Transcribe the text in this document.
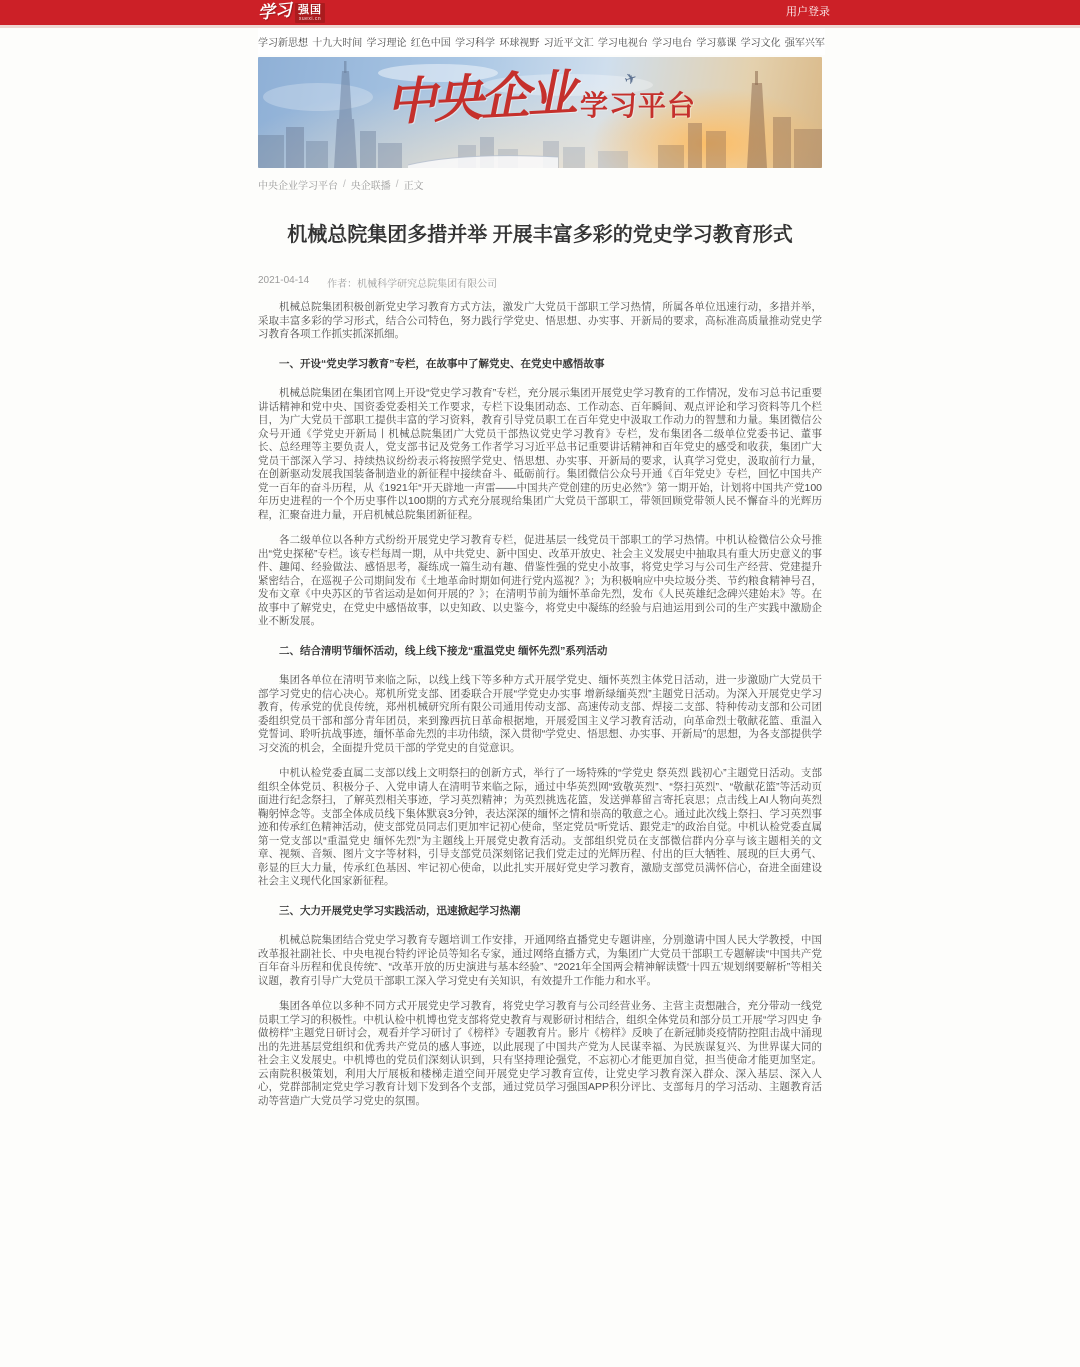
学习 强国
xuexi.cn
用户登录
学习新思想 十九大时间 学习理论 红色中国 学习科学 环球视野 习近平文汇 学习电视台 学习电台 学习慕课 学习文化 强军兴军
✈
中央企业 学习平台
中央企业学习平台 / 央企联播 / 正文
机械总院集团多措并举 开展丰富多彩的党史学习教育形式
2021-04-14 作者：机械科学研究总院集团有限公司

机械总院集团积极创新党史学习教育方式方法，激发广大党员干部职工学习热情，所属各单位迅速行动，多措并举，采取丰富多彩的学习形式，结合公司特色，努力践行学党史、悟思想、办实事、开新局的要求，高标准高质量推动党史学习教育各项工作抓实抓深抓细。

一、开设“党史学习教育”专栏，在故事中了解党史、在党史中感悟故事

机械总院集团在集团官网上开设“党史学习教育”专栏，充分展示集团开展党史学习教育的工作情况，发布习总书记重要讲话精神和党中央、国资委党委相关工作要求，专栏下设集团动态、工作动态、百年瞬间、观点评论和学习资料等几个栏目，为广大党员干部职工提供丰富的学习资料，教育引导党员职工在百年党史中汲取工作动力的智慧和力量。集团微信公众号开通《学党史开新局丨机械总院集团广大党员干部热议党史学习教育》专栏，发布集团各二级单位党委书记、董事长、总经理等主要负责人，党支部书记及党务工作者学习习近平总书记重要讲话精神和百年党史的感受和收获，集团广大党员干部深入学习、持续热议纷纷表示将按照学党史、悟思想、办实事、开新局的要求，认真学习党史，汲取前行力量，在创新驱动发展我国装备制造业的新征程中接续奋斗、砥砺前行。集团微信公众号开通《百年党史》专栏，回忆中国共产党一百年的奋斗历程，从《1921年“开天辟地一声雷——中国共产党创建的历史必然”》第一期开始，计划将中国共产党100年历史进程的一个个历史事件以100期的方式充分展现给集团广大党员干部职工，带领回顾党带领人民不懈奋斗的光辉历程，汇聚奋进力量，开启机械总院集团新征程。

各二级单位以各种方式纷纷开展党史学习教育专栏，促进基层一线党员干部职工的学习热情。中机认检微信公众号推出“党史探秘”专栏。该专栏每周一期，从中共党史、新中国史、改革开放史、社会主义发展史中抽取具有重大历史意义的事件、趣闻、经验做法、感悟思考，凝练成一篇生动有趣、借鉴性强的党史小故事，将党史学习与公司生产经营、党建提升紧密结合，在巡视子公司期间发布《土地革命时期如何进行党内巡视？》；为积极响应中央垃圾分类、节约粮食精神号召，发布文章《中央苏区的节省运动是如何开展的？》；在清明节前为缅怀革命先烈，发布《人民英雄纪念碑兴建始末》等。在故事中了解党史，在党史中感悟故事，以史知政、以史鉴今，将党史中凝练的经验与启迪运用到公司的生产实践中激励企业不断发展。

二、结合清明节缅怀活动，线上线下接龙“重温党史 缅怀先烈”系列活动

集团各单位在清明节来临之际，以线上线下等多种方式开展学党史、缅怀英烈主体党日活动，进一步激励广大党员干部学习党史的信心决心。郑机所党支部、团委联合开展“学党史办实事 增新绿缅英烈”主题党日活动。为深入开展党史学习教育，传承党的优良传统，郑州机械研究所有限公司通用传动支部、高速传动支部、焊接二支部、特种传动支部和公司团委组织党员干部和部分青年团员，来到豫西抗日革命根据地，开展爱国主义学习教育活动，向革命烈士敬献花篮、重温入党誓词、聆听抗战事迹，缅怀革命先烈的丰功伟绩，深入贯彻“学党史、悟思想、办实事、开新局”的思想，为各支部提供学习交流的机会，全面提升党员干部的学党史的自觉意识。

中机认检党委直属二支部以线上文明祭扫的创新方式，举行了一场特殊的“学党史 祭英烈 践初心”主题党日活动。支部组织全体党员、积极分子、入党申请人在清明节来临之际，通过中华英烈网“致敬英烈”、“祭扫英烈”、“敬献花篮”等活动页面进行纪念祭扫，了解英烈相关事迹，学习英烈精神；为英烈挑选花篮，发送弹幕留言寄托哀思；点击线上AI人物向英烈鞠躬悼念等。支部全体成员线下集体默哀3分钟，表达深深的缅怀之情和崇高的敬意之心。通过此次线上祭扫、学习英烈事迹和传承红色精神活动，使支部党员同志们更加牢记初心使命，坚定党员“听党话、跟党走”的政治自觉。中机认检党委直属第一党支部以“重温党史 缅怀先烈”为主题线上开展党史教育活动。支部组织党员在支部微信群内分享与该主题相关的文章、视频、音频、图片文字等材料，引导支部党员深刻铭记我们党走过的光辉历程、付出的巨大牺牲、展现的巨大勇气、彰显的巨大力量，传承红色基因、牢记初心使命，以此扎实开展好党史学习教育，激励支部党员满怀信心，奋进全面建设社会主义现代化国家新征程。

三、大力开展党史学习实践活动，迅速掀起学习热潮

机械总院集团结合党史学习教育专题培训工作安排，开通网络直播党史专题讲座，分别邀请中国人民大学教授，中国改革报社副社长、中央电视台特约评论员等知名专家，通过网络直播方式，为集团广大党员干部职工专题解读“中国共产党百年奋斗历程和优良传统”、“改革开放的历史演进与基本经验”、“2021年全国两会精神解读暨‘十四五’规划纲要解析”等相关议题，教育引导广大党员干部职工深入学习党史有关知识，有效提升工作能力和水平。

集团各单位以多种不同方式开展党史学习教育，将党史学习教育与公司经营业务、主营主责想融合，充分带动一线党员职工学习的积极性。中机认检中机博也党支部将党史教育与观影研讨相结合，组织全体党员和部分员工开展“学习四史 争做榜样”主题党日研讨会，观看并学习研讨了《榜样》专题教育片。影片《榜样》反映了在新冠肺炎疫情防控阻击战中涌现出的先进基层党组织和优秀共产党员的感人事迹，以此展现了中国共产党为人民谋幸福、为民族谋复兴、为世界谋大同的社会主义发展史。中机博也的党员们深刻认识到，只有坚持理论强党，不忘初心才能更加自觉，担当使命才能更加坚定。云南院积极策划，利用大厅展板和楼梯走道空间开展党史学习教育宣传，让党史学习教育深入群众、深入基层、深入人心，党群部制定党史学习教育计划下发到各个支部，通过党员学习强国APP积分评比、支部每月的学习活动、主题教育活动等营造广大党员学习党史的氛围。
